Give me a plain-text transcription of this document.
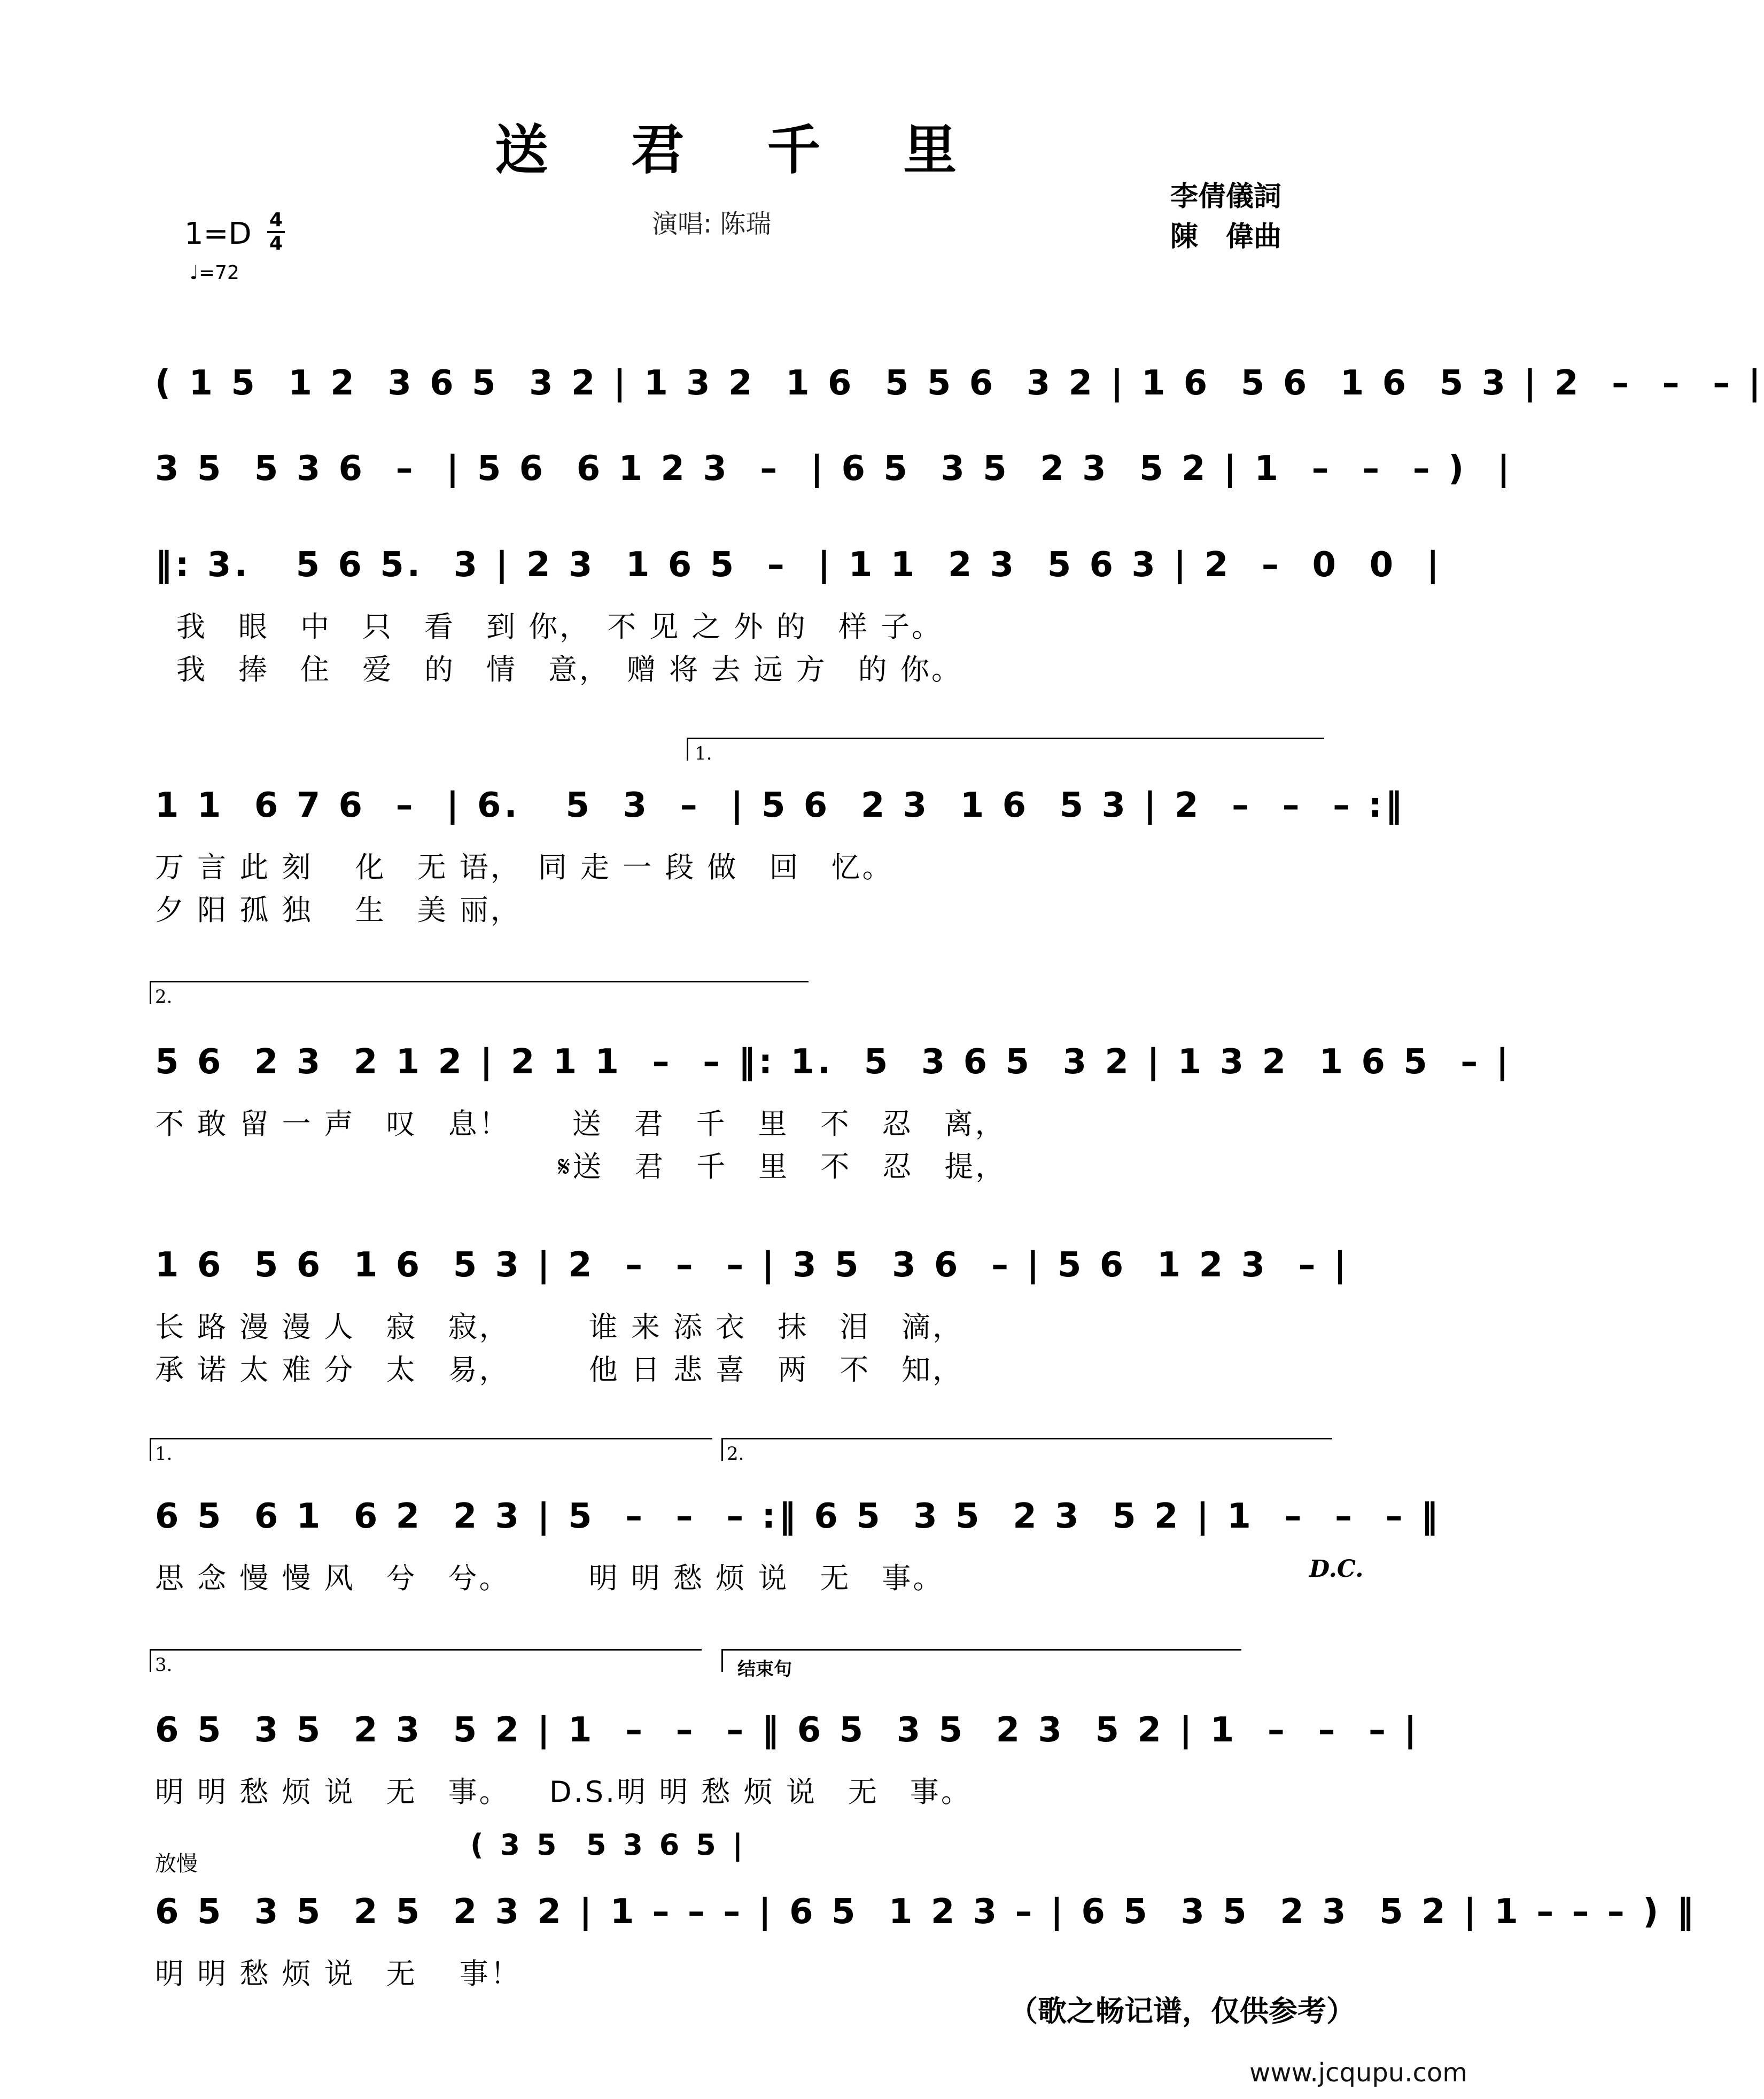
送 君 千 里
演唱: 陈瑞
李倩儀詞
陳　偉曲
1=D 4
4
♩=72
( 1 5  1 2  3 6 5  3 2 | 1 3 2  1 6  5 5 6  3 2 | 1 6  5 6  1 6  5 3 | 2  –  –  – |
3 5  5 3 6  –  | 5 6  6 1 2 3  –  | 6 5  3 5  2 3  5 2 | 1  –  –  – )  |
‖: 3.   5 6 5.  3 | 2 3  1 6 5  –  | 1 1  2 3  5 6 3 | 2  –  0  0  |
我　眼　中　只　看　到 你，　不 见 之 外 的　样 子。
我　捧　住　爱　的　情　意，　赠 将 去 远 方　的 你。
1.
1 1  6 7 6  –  | 6.   5  3  –  | 5 6  2 3  1 6  5 3 | 2  –  –  – :‖
万 言 此 刻　 化　无 语，　同 走 一 段 做　回　忆。
夕 阳 孤 独　 生　美 丽，
2.
5 6  2 3  2 1 2 | 2 1 1  –  – ‖: 1.  5  3 6 5  3 2 | 1 3 2  1 6 5  – |
不 敢 留 一 声　叹　息！　　送　君　千　里　不　忍　离，
　　　　　　　　　　　　　𝄋送　君　千　里　不　忍　提，
1 6  5 6  1 6  5 3 | 2  –  –  – | 3 5  3 6  – | 5 6  1 2 3  – |
长 路 漫 漫 人　寂　寂，　　　谁 来 添 衣　抹　泪　滴，
承 诺 太 难 分　太　易，　　　他 日 悲 喜　两　不　知，
1.	2.
6 5  6 1  6 2  2 3 | 5  –  –  – :‖ 6 5  3 5  2 3  5 2 | 1  –  –  – ‖
思 念 慢 慢 风　兮　兮。　　　明 明 愁 烦 说　无　事。	D.C.
3.	结束句
6 5  3 5  2 3  5 2 | 1  –  –  – ‖ 6 5  3 5  2 3  5 2 | 1  –  –  – |
明 明 愁 烦 说　无　事。　  D.S.明 明 愁 烦 说　无　事。
放慢
( 3 5  5 3 6 5 |
6 5  3 5  2 5  2 3 2 | 1 – – – | 6 5  1 2 3 – | 6 5  3 5  2 3  5 2 | 1 – – – ) ‖
明 明 愁 烦 说　无　 事！
（歌之畅记谱，仅供参考）
www.jcqupu.com
